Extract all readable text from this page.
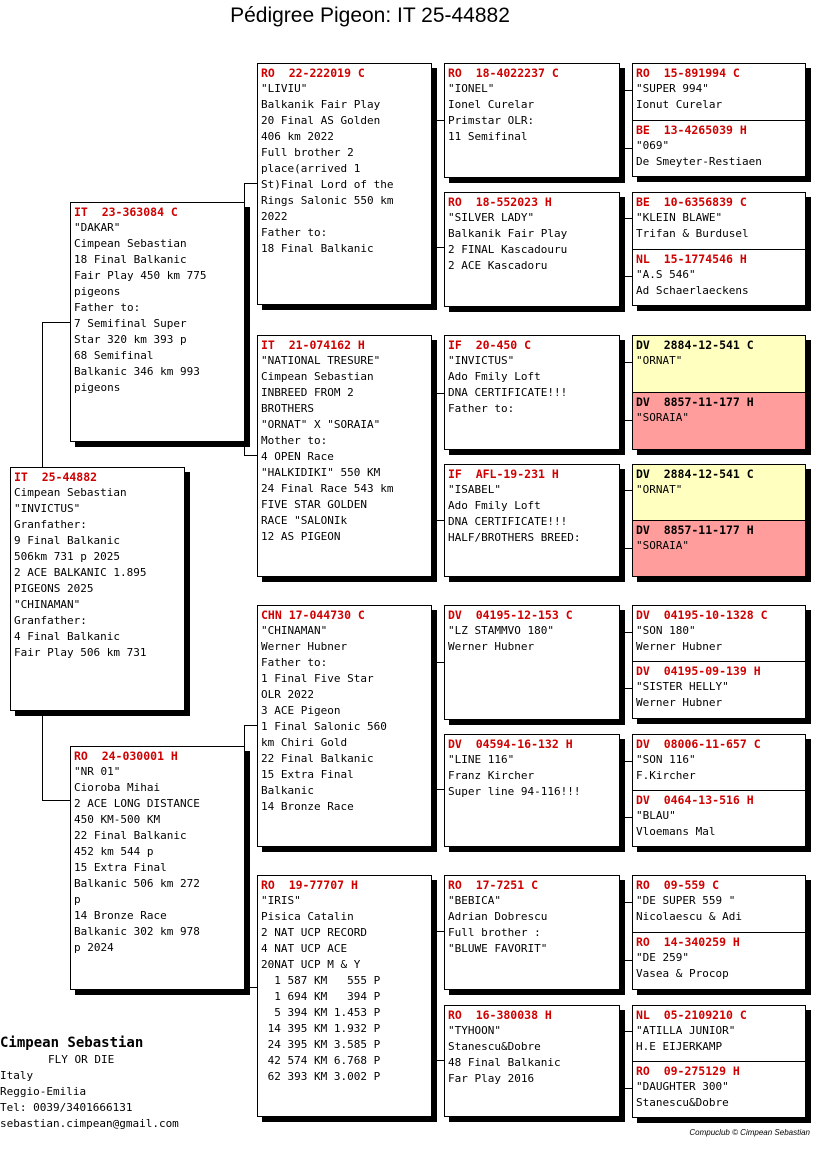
Pédigree Pigeon: IT 25-44882
IT  25-44882
Cimpean Sebastian
"INVICTUS"
Granfather:
9 Final Balkanic
506km 731 p 2025
2 ACE BALKANIC 1.895
PIGEONS 2025
"CHINAMAN"
Granfather:
4 Final Balkanic
Fair Play 506 km 731
IT  23-363084 C
"DAKAR"
Cimpean Sebastian
18 Final Balkanic
Fair Play 450 km 775
pigeons
Father to:
7 Semifinal Super
Star 320 km 393 p
68 Semifinal
Balkanic 346 km 993
pigeons
RO  24-030001 H
"NR 01"
Cioroba Mihai
2 ACE LONG DISTANCE
450 KM-500 KM
22 Final Balkanic
452 km 544 p
15 Extra Final
Balkanic 506 km 272
p
14 Bronze Race
Balkanic 302 km 978
p 2024
RO  22-222019 C
"LIVIU"
Balkanik Fair Play
20 Final AS Golden
406 km 2022
Full brother 2
place(arrived 1
St)Final Lord of the
Rings Salonic 550 km
2022
Father to:
18 Final Balkanic
IT  21-074162 H
"NATIONAL TRESURE"
Cimpean Sebastian
INBREED FROM 2
BROTHERS
"ORNAT" X "SORAIA"
Mother to:
4 OPEN Race
"HALKIDIKI" 550 KM
24 Final Race 543 km
FIVE STAR GOLDEN
RACE "SALONIk
12 AS PIGEON
CHN 17-044730 C
"CHINAMAN"
Werner Hubner
Father to:
1 Final Five Star
OLR 2022
3 ACE Pigeon
1 Final Salonic 560
km Chiri Gold
22 Final Balkanic
15 Extra Final
Balkanic
14 Bronze Race
RO  19-77707 H
"IRIS"
Pisica Catalin
2 NAT UCP RECORD
4 NAT UCP ACE
20NAT UCP M & Y
1 587 KM   555 P
1 694 KM   394 P
5 394 KM 1.453 P
14 395 KM 1.932 P
24 395 KM 3.585 P
42 574 KM 6.768 P
62 393 KM 3.002 P
RO  18-4022237 C
"IONEL"
Ionel Curelar
Primstar OLR:
11 Semifinal
RO  18-552023 H
"SILVER LADY"
Balkanik Fair Play
2 FINAL Kascadouru
2 ACE Kascadoru
IF  20-450 C
"INVICTUS"
Ado Fmily Loft
DNA CERTIFICATE!!!
Father to:
IF  AFL-19-231 H
"ISABEL"
Ado Fmily Loft
DNA CERTIFICATE!!!
HALF/BROTHERS BREED:
DV  04195-12-153 C
"LZ STAMMVO 180"
Werner Hubner
DV  04594-16-132 H
"LINE 116"
Franz Kircher
Super line 94-116!!!
RO  17-7251 C
"BEBICA"
Adrian Dobrescu
Full brother :
"BLUWE FAVORIT"
RO  16-380038 H
"TYHOON"
Stanescu&Dobre
48 Final Balkanic
Far Play 2016
RO  15-891994 C
"SUPER 994"
Ionut Curelar
BE  13-4265039 H
"069"
De Smeyter-Restiaen
BE  10-6356839 C
"KLEIN BLAWE"
Trifan & Burdusel
NL  15-1774546 H
"A.S 546"
Ad Schaerlaeckens
DV  2884-12-541 C
"ORNAT"
DV  8857-11-177 H
"SORAIA"
DV  2884-12-541 C
"ORNAT"
DV  8857-11-177 H
"SORAIA"
DV  04195-10-1328 C
"SON 180"
Werner Hubner
DV  04195-09-139 H
"SISTER HELLY"
Werner Hubner
DV  08006-11-657 C
"SON 116"
F.Kircher
DV  0464-13-516 H
"BLAU"
Vloemans Mal
RO  09-559 C
"DE SUPER 559 "
Nicolaescu & Adi
RO  14-340259 H
"DE 259"
Vasea & Procop
NL  05-2109210 C
"ATILLA JUNIOR"
H.E EIJERKAMP
RO  09-275129 H
"DAUGHTER 300"
Stanescu&Dobre
Cimpean Sebastian
FLY OR DIE
Italy
Reggio-Emilia
Tel: 0039/3401666131
sebastian.cimpean@gmail.com
Compuclub © Cimpean Sebastian
